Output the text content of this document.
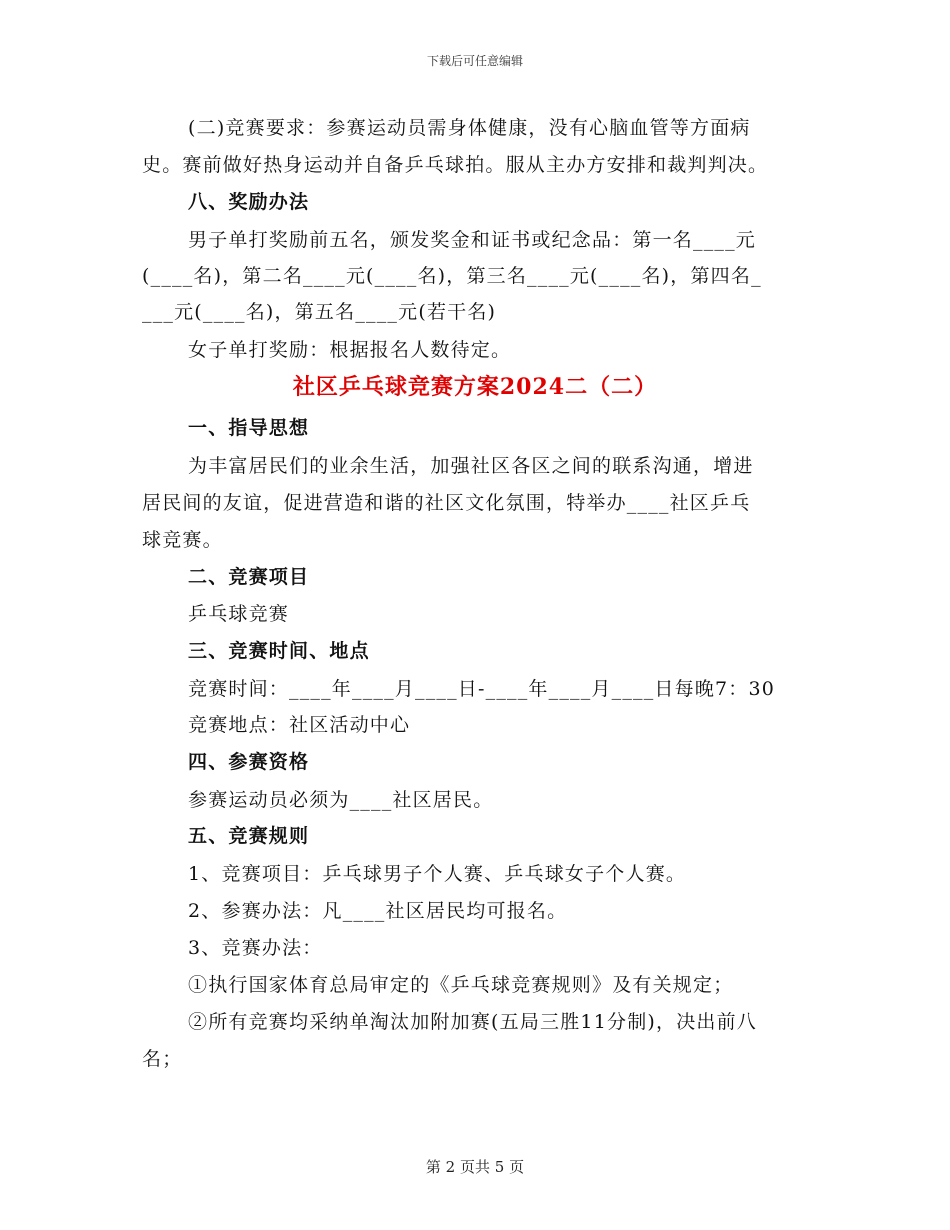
下载后可任意编辑
(二)竞赛要求：参赛运动员需身体健康，没有心脑血管等方面病
史。赛前做好热身运动并自备乒乓球拍。服从主办方安排和裁判判决。
八、奖励办法
男子单打奖励前五名，颁发奖金和证书或纪念品：第一名____元
(____名)，第二名____元(____名)，第三名____元(____名)，第四名_
___元(____名)，第五名____元(若干名)
女子单打奖励：根据报名人数待定。
社区乒乓球竞赛方案2024二（二）
一、指导思想
为丰富居民们的业余生活，加强社区各区之间的联系沟通，增进
居民间的友谊，促进营造和谐的社区文化氛围，特举办____社区乒乓
球竞赛。
二、竞赛项目
乒乓球竞赛
三、竞赛时间、地点
竞赛时间：____年____月____日-____年____月____日每晚7：30
竞赛地点：社区活动中心
四、参赛资格
参赛运动员必须为____社区居民。
五、竞赛规则
1、竞赛项目：乒乓球男子个人赛、乒乓球女子个人赛。
2、参赛办法：凡____社区居民均可报名。
3、竞赛办法：
①执行国家体育总局审定的《乒乓球竞赛规则》及有关规定；
②所有竞赛均采纳单淘汰加附加赛(五局三胜11分制)，决出前八
名；
第 2 页共 5 页
